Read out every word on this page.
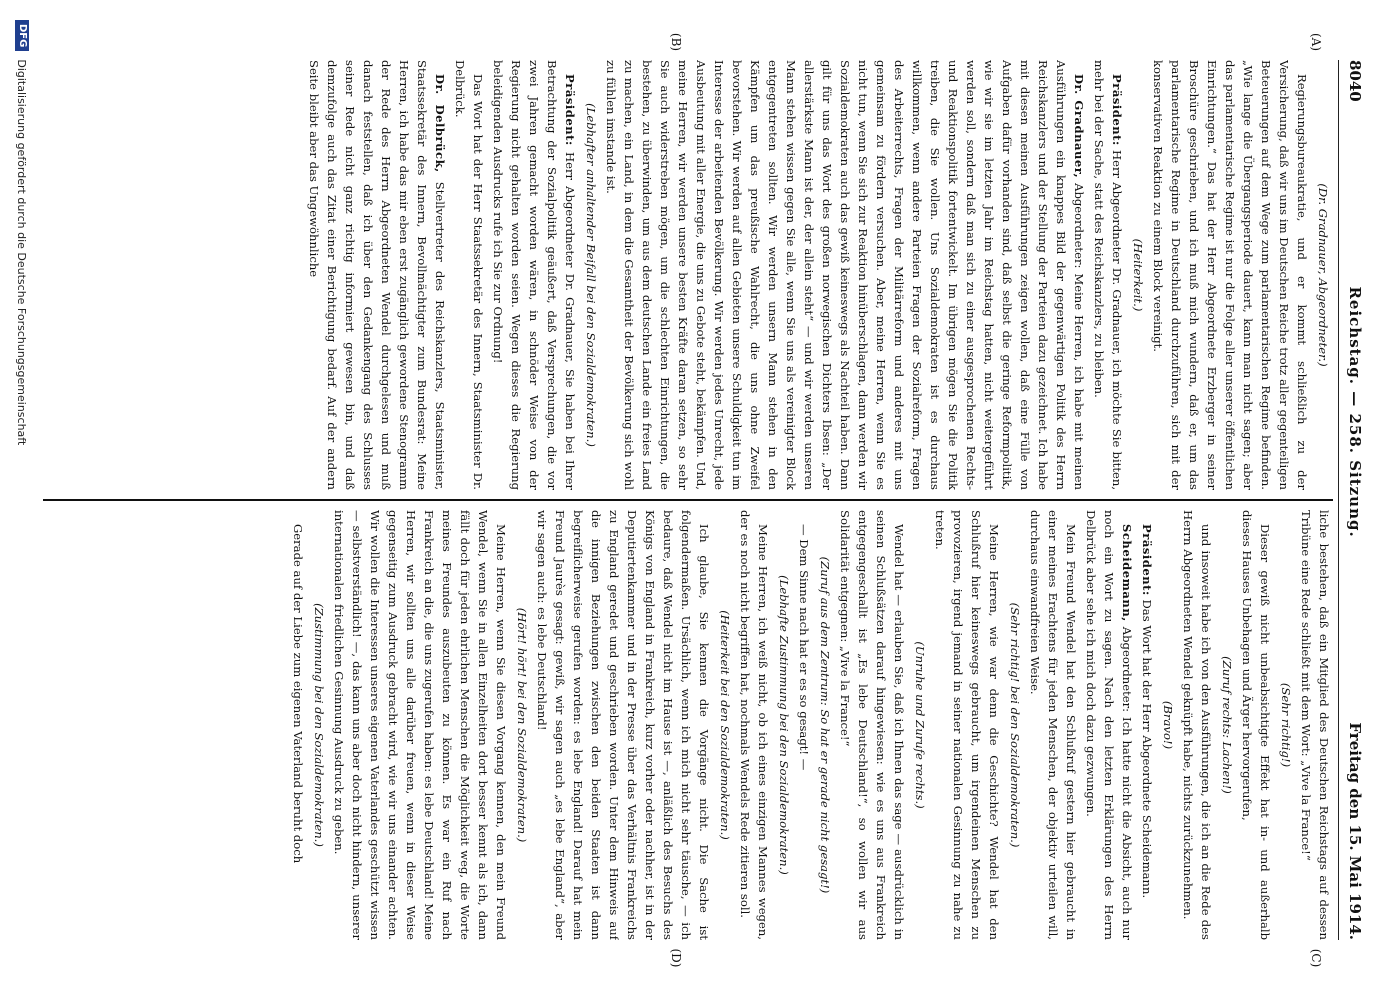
8040
Reichstag. — 258. Sitzung.
Freitag den 15. Mai 1914.
(A)
(B)
(C)
(D)
(Dr. Gradnauer, Abgeordneter.)

Regierungsbureaukratie, und er kommt schließlich zu der Versicherung, daß wir uns im Deutschen Reiche trotz aller gegenteiligen Beteuerungen auf dem Wege zum parlamentarischen Regime befinden. „Wie lange die Übergangsperiode dauert, kann man nicht sagen; aber das parlamentarische Regime ist nur die Folge aller unserer öffentlichen Einrichtungen.“ Das hat der Herr Abgeordnete Erzberger in seiner Broschüre geschrieben, und ich muß mich wundern, daß er, um das parlamentarische Regime in Deutschland durchzuführen, sich mit der konservativen Reaktion zu einem Block vereinigt.

(Heiterkeit.)

Präsident: Herr Abgeordneter Dr. Gradnauer, ich möchte Sie bitten, mehr bei der Sache, statt des Reichskanzlers, zu bleiben.

Dr. Gradnauer, Abgeordneter: Meine Herren, ich habe mit meinen Ausführungen ein knappes Bild der gegenwärtigen Politik des Herrn Reichskanzlers und der Stellung der Parteien dazu gezeichnet. Ich habe mit diesen meinen Ausführungen zeigen wollen, daß eine Fülle von Aufgaben dafür vorhanden sind, daß selbst die geringe Reformpolitik, wie wir sie im letzten Jahr im Reichstag hatten, nicht weitergeführt werden soll, sondern daß man sich zu einer ausgesprochenen Rechts- und Reaktionspolitik fortentwickelt. Im übrigen mögen Sie die Politik treiben, die Sie wollen. Uns Sozialdemokraten ist es durchaus willkommen, wenn andere Parteien Fragen der Sozialreform, Fragen des Arbeiterrechts, Fragen der Militärreform und anderes mit uns gemeinsam zu fördern versuchen. Aber, meine Herren, wenn Sie es nicht tun, wenn Sie sich zur Reaktion hinüberschlagen, dann werden wir Sozialdemokraten auch das gewiß keineswegs als Nachteil haben. Dann gilt für uns das Wort des großen norwegischen Dichters Ibsen: „Der allerstärkste Mann ist der, der allein steht“ — und wir werden unseren Mann stehen wissen gegen Sie alle, wenn Sie uns als vereinigter Block entgegentreten sollten. Wir werden unsern Mann stehen in den Kämpfen um das preußische Wahlrecht, die uns ohne Zweifel bevorstehen. Wir werden auf allen Gebieten unsere Schuldigkeit tun im Interesse der arbeitenden Bevölkerung. Wir werden jedes Unrecht, jede Ausbeutung mit aller Energie, die uns zu Gebote steht, bekämpfen. Und, meine Herren, wir werden unsere besten Kräfte daran setzen, so sehr Sie auch widerstreben mögen, um die schlechten Einrichtungen, die bestehen, zu überwinden, um aus dem deutschen Lande ein freies Land zu machen, ein Land, in dem die Gesamtheit der Bevölkerung sich wohl zu fühlen imstande ist.

(Lebhafter anhaltender Beifall bei den Sozialdemokraten.)

Präsident: Herr Abgeordneter Dr. Gradnauer, Sie haben bei Ihrer Betrachtung der Sozialpolitik geäußert, daß Versprechungen, die vor zwei Jahren gemacht worden wären, in schnöder Weise von der Regierung nicht gehalten worden seien. Wegen dieses die Regierung beleidigenden Ausdrucks rufe ich Sie zur Ordnung!

Das Wort hat der Herr Staatssekretär des Innern, Staatsminister Dr. Delbrück.

Dr. Delbrück, Stellvertreter des Reichskanzlers, Staatsminister, Staatssekretär des Innern, Bevollmächtigter zum Bundesrat: Meine Herren, ich habe das mir eben erst zugänglich gewordene Stenogramm der Rede des Herrn Abgeordneten Wendel durchgelesen und muß danach feststellen, daß ich über den Gedankengang des Schlusses seiner Rede nicht ganz richtig informiert gewesen bin, und daß demzufolge auch das Zitat einer Berichtigung bedarf. Auf der andern Seite bleibt aber das Ungewöhnliche

liche bestehen, daß ein Mitglied des Deutschen Reichstags auf dessen Tribüne eine Rede schließt mit dem Wort: „Vive la France!“

(Sehr richtig!)

Dieser gewiß nicht unbeabsichtigte Effekt hat in- und außerhalb dieses Hauses Unbehagen und Ärger hervorgerufen,

(Zuruf rechts: Lachen!)

und insoweit habe ich von den Ausführungen, die ich an die Rede des Herrn Abgeordneten Wendel geknüpft habe, nichts zurückzunehmen.

(Bravo!)

Präsident: Das Wort hat der Herr Abgeordnete Scheidemann.

Scheidemann, Abgeordneter: Ich hatte nicht die Absicht, auch nur noch ein Wort zu sagen. Nach den letzten Erklärungen des Herrn Delbrück aber sehe ich mich doch dazu gezwungen.

Mein Freund Wendel hat den Schlußruf gestern hier gebraucht in einer meines Erachtens für jeden Menschen, der objektiv urteilen will, durchaus einwandfreien Weise.

(Sehr richtig! bei den Sozialdemokraten.)

Meine Herren, wie war denn die Geschichte? Wendel hat den Schlußruf hier keineswegs gebraucht, um irgendeinen Menschen zu provozieren, irgend jemand in seiner nationalen Gesinnung zu nahe zu treten.

(Unruhe und Zurufe rechts.)

Wendel hat — erlauben Sie, daß ich Ihnen das sage — ausdrücklich in seinen Schlußsätzen darauf hingewiesen: wie es uns aus Frankreich entgegengeschallt ist „Es lebe Deutschland!“, so wollen wir aus Solidarität entgegnen: „Vive la France!“

(Zuruf aus dem Zentrum: So hat er gerade nicht gesagt!)

— Dem Sinne nach hat er es so gesagt! —

(Lebhafte Zustimmung bei den Sozialdemokraten.)

Meine Herren, ich weiß nicht, ob ich eines einzigen Mannes wegen, der es noch nicht begriffen hat, nochmals Wendels Rede zitieren soll.

(Heiterkeit bei den Sozialdemokraten.)

Ich glaube, Sie kennen die Vorgänge nicht. Die Sache ist folgendermaßen. Ursächlich, wenn ich mich nicht sehr täusche, — ich bedaure, daß Wendel nicht im Hause ist —, anläßlich des Besuchs des Königs von England in Frankreich, kurz vorher oder nachher, ist in der Deputiertenkammer und in der Presse über das Verhältnis Frankreichs zu England geredet und geschrieben worden. Unter dem Hinweis auf die innigen Beziehungen zwischen den beiden Staaten ist dann begreiflicherweise gerufen worden: es lebe England! Darauf hat mein Freund Jaurès gesagt: gewiß, wir sagen auch „es lebe England“, aber wir sagen auch: es lebe Deutschland!

(Hört! hört! bei den Sozialdemokraten.)

Meine Herren, wenn Sie diesen Vorgang kennen, den mein Freund Wendel, wenn Sie in allen Einzelheiten dort besser kennt als ich, dann fällt doch für jeden ehrlichen Menschen die Möglichkeit weg, die Worte meines Freundes auszubeuten zu können. Es war ein Ruf nach Frankreich an die, die uns zugerufen haben: es lebe Deutschland! Meine Herren, wir sollten uns alle darüber freuen, wenn in dieser Weise gegenseitig zum Ausdruck gebracht wird, wie wir uns einander achten. Wir wollen die Interessen unseres eigenen Vaterlandes geschützt wissen — selbstverständlich! —, das kann uns aber doch nicht hindern, unserer internationalen friedlichen Gesinnung Ausdruck zu geben.

(Zustimmung bei den Sozialdemokraten.)

Gerade auf der Liebe zum eigenen Vaterland beruht doch

DFG
Digitalisierung gefördert durch die Deutsche Forschungsgemeinschaft
